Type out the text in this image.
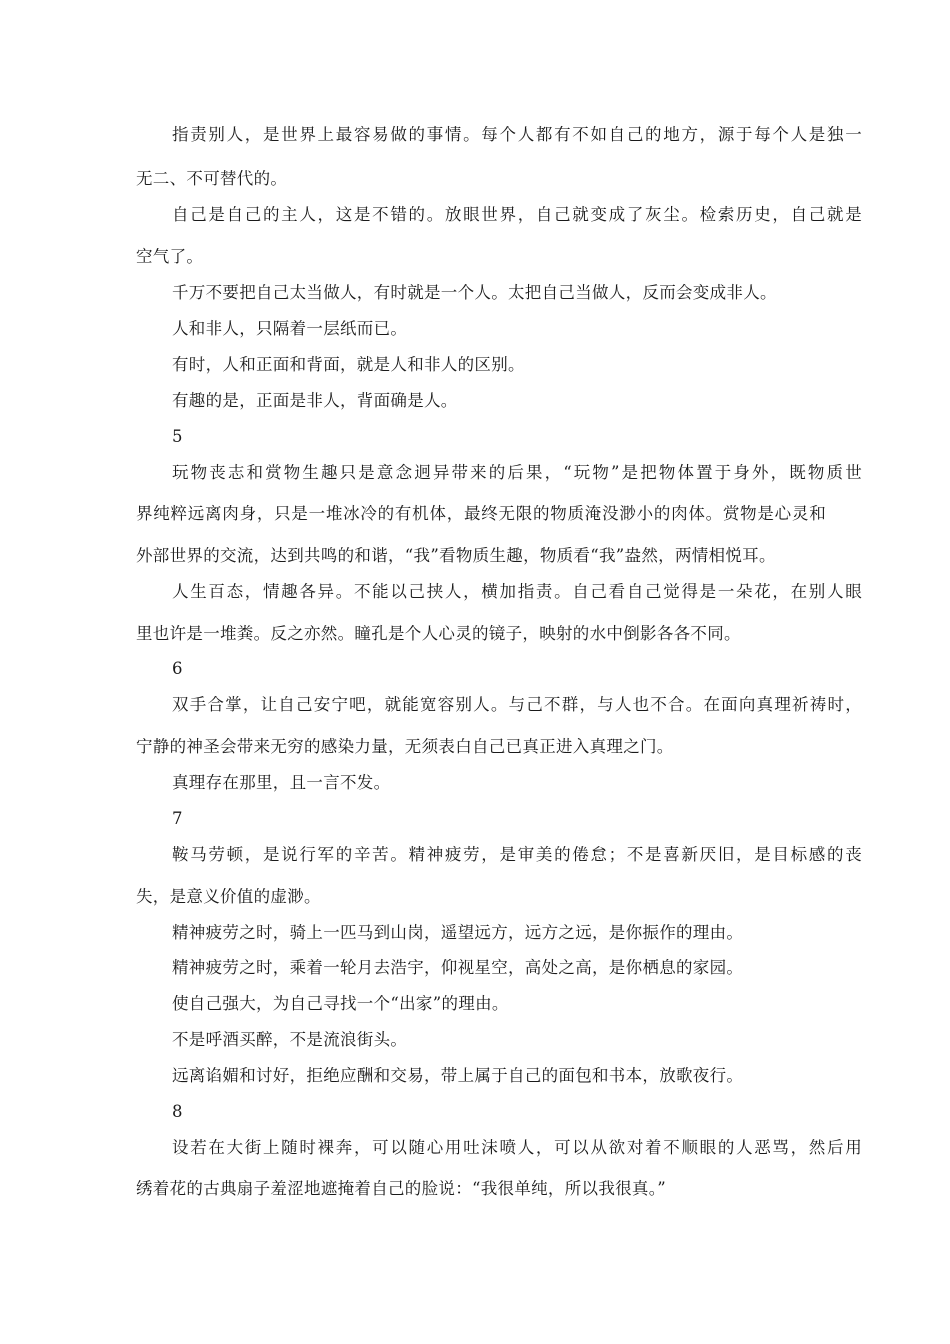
指责别人，是世界上最容易做的事情。每个人都有不如自己的地方，源于每个人是独一
无二、不可替代的。
自己是自己的主人，这是不错的。放眼世界，自己就变成了灰尘。检索历史，自己就是
空气了。
千万不要把自己太当做人，有时就是一个人。太把自己当做人，反而会变成非人。
人和非人，只隔着一层纸而已。
有时，人和正面和背面，就是人和非人的区别。
有趣的是，正面是非人，背面确是人。
5
玩物丧志和赏物生趣只是意念迥异带来的后果，“玩物”是把物体置于身外，既物质世
界纯粹远离肉身，只是一堆冰冷的有机体，最终无限的物质淹没渺小的肉体。赏物是心灵和
外部世界的交流，达到共鸣的和谐，“我”看物质生趣，物质看“我”盎然，两情相悦耳。
人生百态，情趣各异。不能以己挟人，横加指责。自己看自己觉得是一朵花，在别人眼
里也许是一堆粪。反之亦然。瞳孔是个人心灵的镜子，映射的水中倒影各各不同。
6
双手合掌，让自己安宁吧，就能宽容别人。与己不群，与人也不合。在面向真理祈祷时，
宁静的神圣会带来无穷的感染力量，无须表白自己已真正进入真理之门。
真理存在那里，且一言不发。
7
鞍马劳顿，是说行军的辛苦。精神疲劳，是审美的倦怠；不是喜新厌旧，是目标感的丧
失，是意义价值的虚渺。
精神疲劳之时，骑上一匹马到山岗，遥望远方，远方之远，是你振作的理由。
精神疲劳之时，乘着一轮月去浩宇，仰视星空，高处之高，是你栖息的家园。
使自己强大，为自己寻找一个“出家”的理由。
不是呼酒买醉，不是流浪街头。
远离谄媚和讨好，拒绝应酬和交易，带上属于自己的面包和书本，放歌夜行。
8
设若在大街上随时裸奔，可以随心用吐沫喷人，可以从欲对着不顺眼的人恶骂，然后用
绣着花的古典扇子羞涩地遮掩着自己的脸说：“我很单纯，所以我很真。”
